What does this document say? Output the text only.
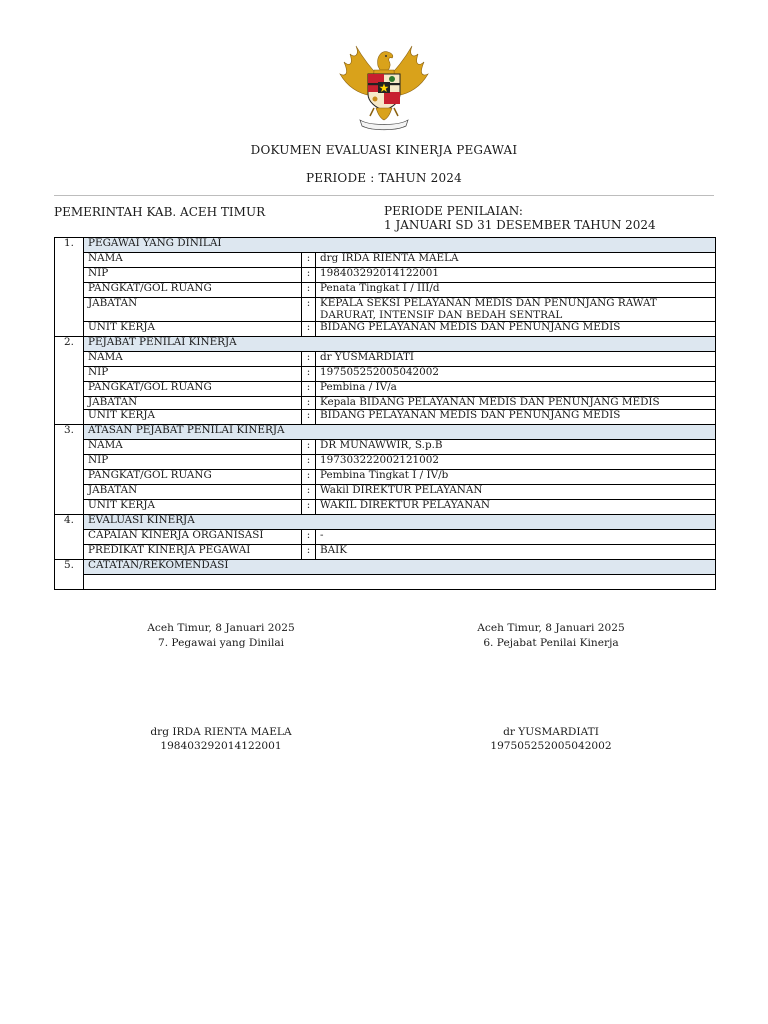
DOKUMEN EVALUASI KINERJA PEGAWAI
PERIODE : TAHUN 2024
PEMERINTAH KAB. ACEH TIMUR	PERIODE PENILAIAN:
1 JANUARI SD 31 DESEMBER TAHUN 2024
1.	PEGAWAI YANG DINILAI		
	NAMA	:	drg IRDA RIENTA MAELA
	NIP	:	198403292014122001
	PANGKAT/GOL RUANG	:	Penata Tingkat I / III/d
	JABATAN	:	KEPALA SEKSI PELAYANAN MEDIS DAN PENUNJANG RAWAT DARURAT, INTENSIF DAN BEDAH SENTRAL
	UNIT KERJA	:	BIDANG PELAYANAN MEDIS DAN PENUNJANG MEDIS
2.	PEJABAT PENILAI KINERJA		
	NAMA	:	dr YUSMARDIATI
	NIP	:	197505252005042002
	PANGKAT/GOL RUANG	:	Pembina / IV/a
	JABATAN	:	Kepala BIDANG PELAYANAN MEDIS DAN PENUNJANG MEDIS
	UNIT KERJA	:	BIDANG PELAYANAN MEDIS DAN PENUNJANG MEDIS
3.	ATASAN PEJABAT PENILAI KINERJA		
	NAMA	:	DR MUNAWWIR, S.p.B
	NIP	:	197303222002121002
	PANGKAT/GOL RUANG	:	Pembina Tingkat I / IV/b
	JABATAN	:	Wakil DIREKTUR PELAYANAN
	UNIT KERJA	:	WAKIL DIREKTUR PELAYANAN
4.	EVALUASI KINERJA		
	CAPAIAN KINERJA ORGANISASI	:	-
	PREDIKAT KINERJA PEGAWAI	:	BAIK
5.	CATATAN/REKOMENDASI		

Aceh Timur, 8 Januari 2025
7. Pegawai yang Dinilai
drg IRDA RIENTA MAELA
198403292014122001
Aceh Timur, 8 Januari 2025
6. Pejabat Penilai Kinerja
dr YUSMARDIATI
197505252005042002
